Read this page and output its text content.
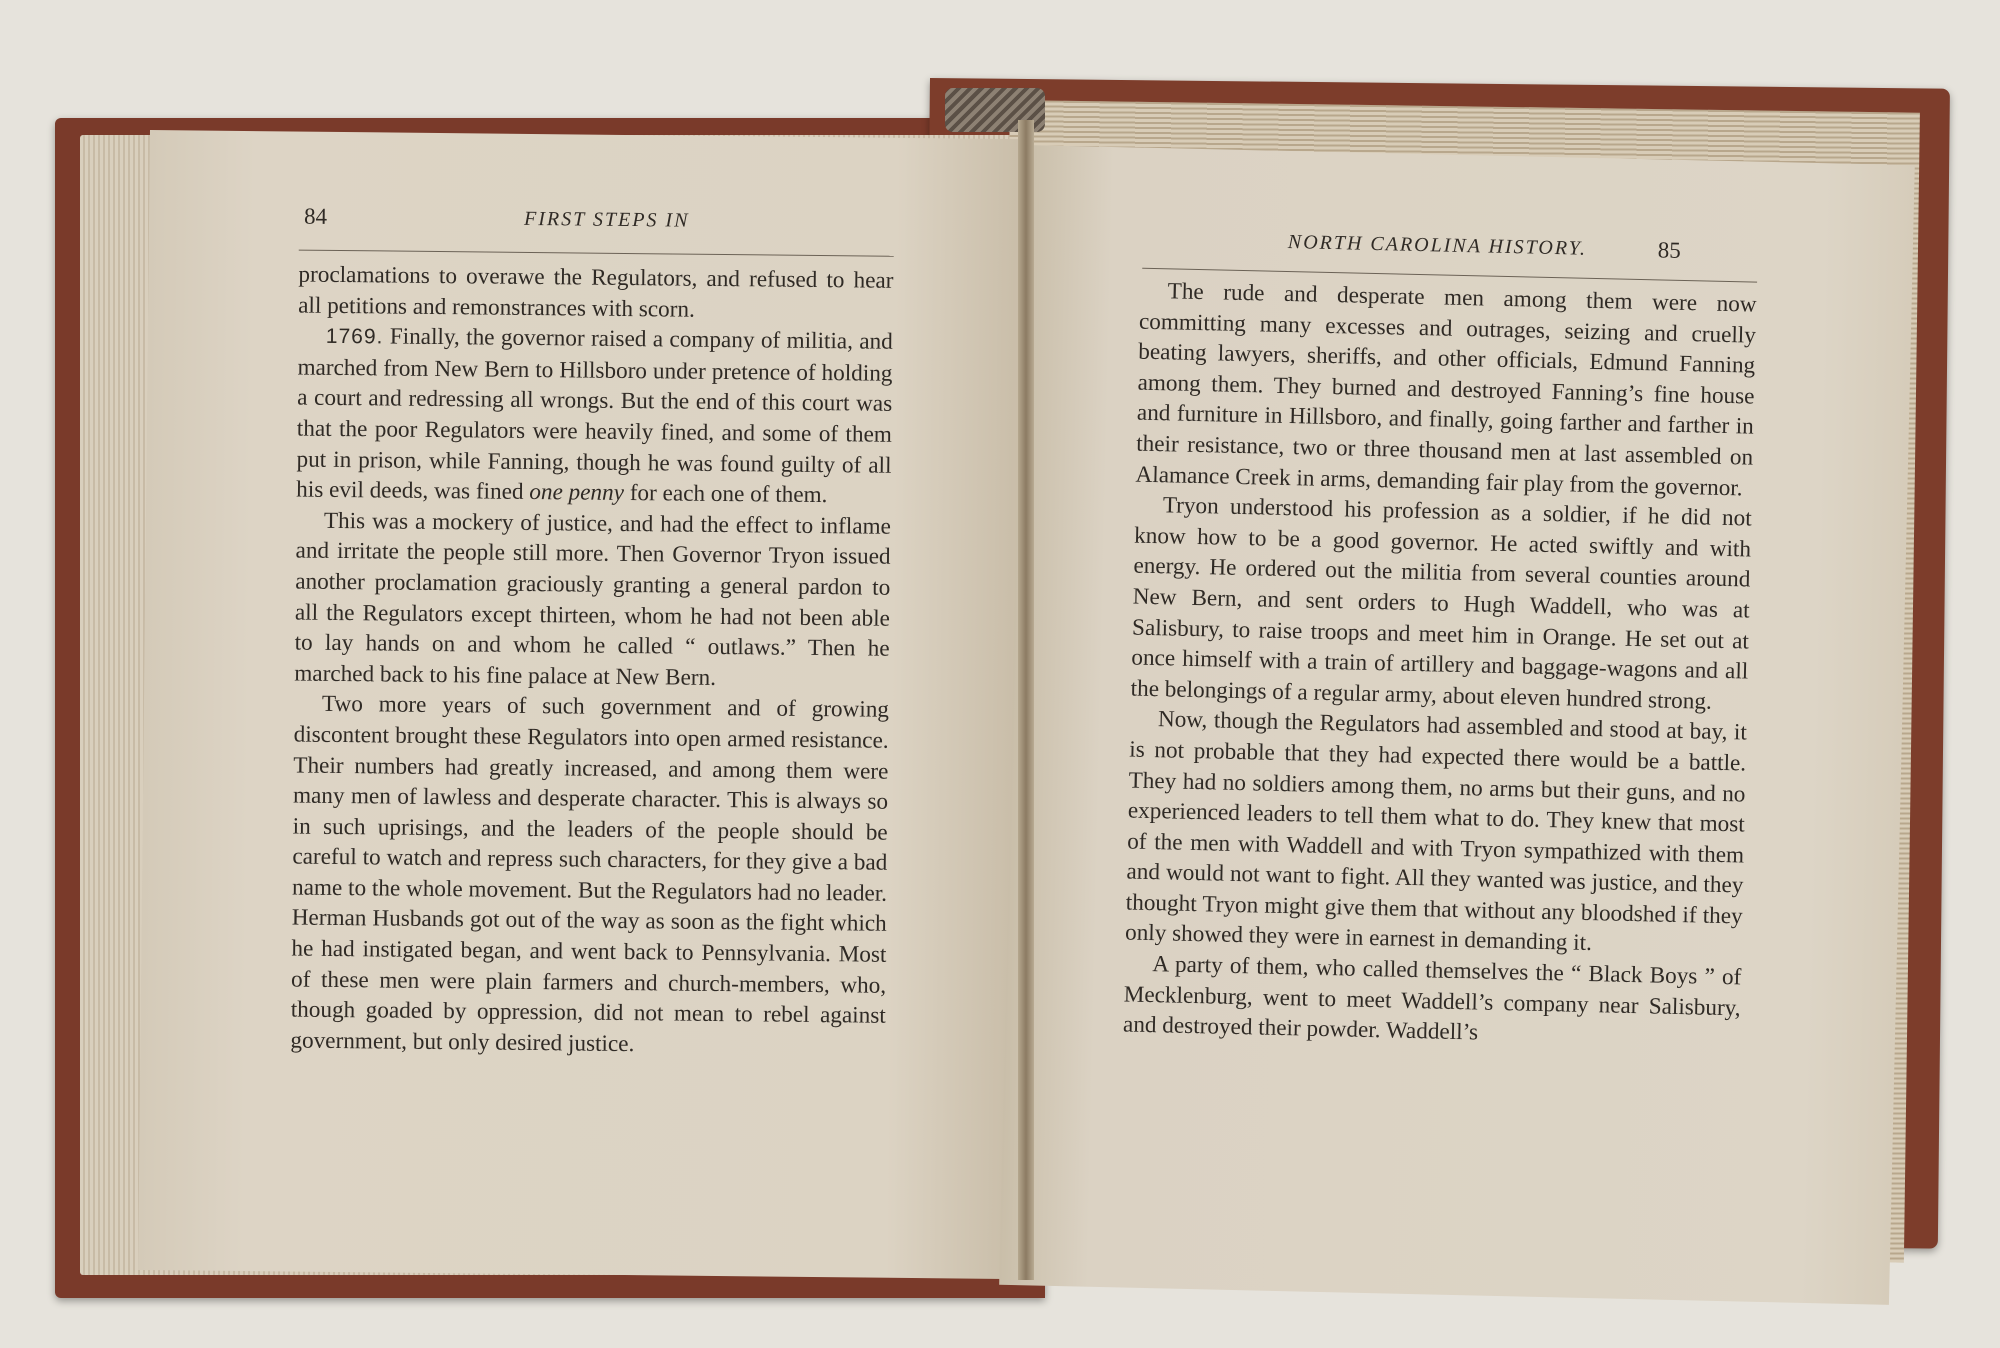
84	FIRST STEPS IN

proclamations to overawe the Regulators, and refused to hear all petitions and remonstrances with scorn.

1769. Finally, the governor raised a company of militia, and marched from New Bern to Hillsboro under pretence of holding a court and redressing all wrongs. But the end of this court was that the poor Regulators were heavily fined, and some of them put in prison, while Fanning, though he was found guilty of all his evil deeds, was fined one penny for each one of them.

This was a mockery of justice, and had the effect to inflame and irritate the people still more. Then Governor Tryon issued another proclamation graciously granting a general pardon to all the Regulators except thirteen, whom he had not been able to lay hands on and whom he called “ outlaws.” Then he marched back to his fine palace at New Bern.

Two more years of such government and of growing discontent brought these Regulators into open armed resistance. Their numbers had greatly increased, and among them were many men of lawless and desperate character. This is always so in such uprisings, and the leaders of the people should be careful to watch and repress such characters, for they give a bad name to the whole movement. But the Regulators had no leader. Herman Husbands got out of the way as soon as the fight which he had instigated began, and went back to Pennsylvania. Most of these men were plain farmers and church-members, who, though goaded by oppression, did not mean to rebel against government, but only desired justice.

NORTH CAROLINA HISTORY.	85

The rude and desperate men among them were now committing many excesses and outrages, seizing and cruelly beating lawyers, sheriffs, and other officials, Edmund Fanning among them. They burned and destroyed Fanning’s fine house and furniture in Hillsboro, and finally, going farther and farther in their resistance, two or three thousand men at last assembled on Alamance Creek in arms, demanding fair play from the governor.

Tryon understood his profession as a soldier, if he did not know how to be a good governor. He acted swiftly and with energy. He ordered out the militia from several counties around New Bern, and sent orders to Hugh Waddell, who was at Salisbury, to raise troops and meet him in Orange. He set out at once himself with a train of artillery and baggage-wagons and all the belongings of a regular army, about eleven hundred strong.

Now, though the Regulators had assembled and stood at bay, it is not probable that they had expected there would be a battle. They had no soldiers among them, no arms but their guns, and no experienced leaders to tell them what to do. They knew that most of the men with Waddell and with Tryon sympathized with them and would not want to fight. All they wanted was justice, and they thought Tryon might give them that without any bloodshed if they only showed they were in earnest in demanding it.

A party of them, who called themselves the “ Black Boys ” of Mecklenburg, went to meet Waddell’s company near Salisbury, and destroyed their powder. Waddell’s
